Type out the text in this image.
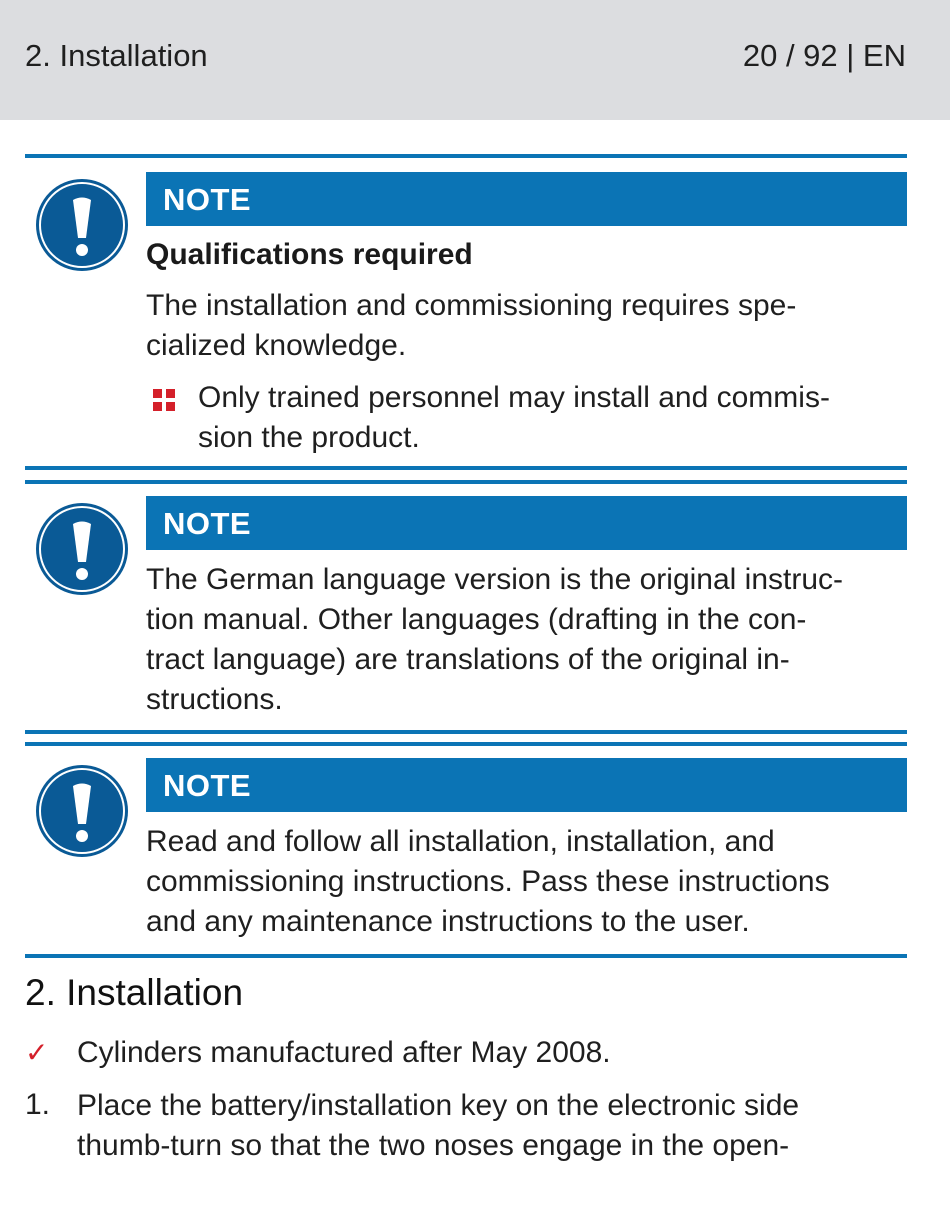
2. Installation	20 / 92 | EN
NOTE
Qualifications required
The installation and commissioning requires spe-
cialized knowledge.
Only trained personnel may install and commis-
sion the product.
NOTE
The German language version is the original instruc-
tion manual. Other languages (drafting in the con-
tract language) are translations of the original in-
structions.
NOTE
Read and follow all installation, installation, and
commissioning instructions. Pass these instructions
and any maintenance instructions to the user.
2. Installation
✓ Cylinders manufactured after May 2008.
1. Place the battery/installation key on the electronic side
thumb-turn so that the two noses engage in the open-
